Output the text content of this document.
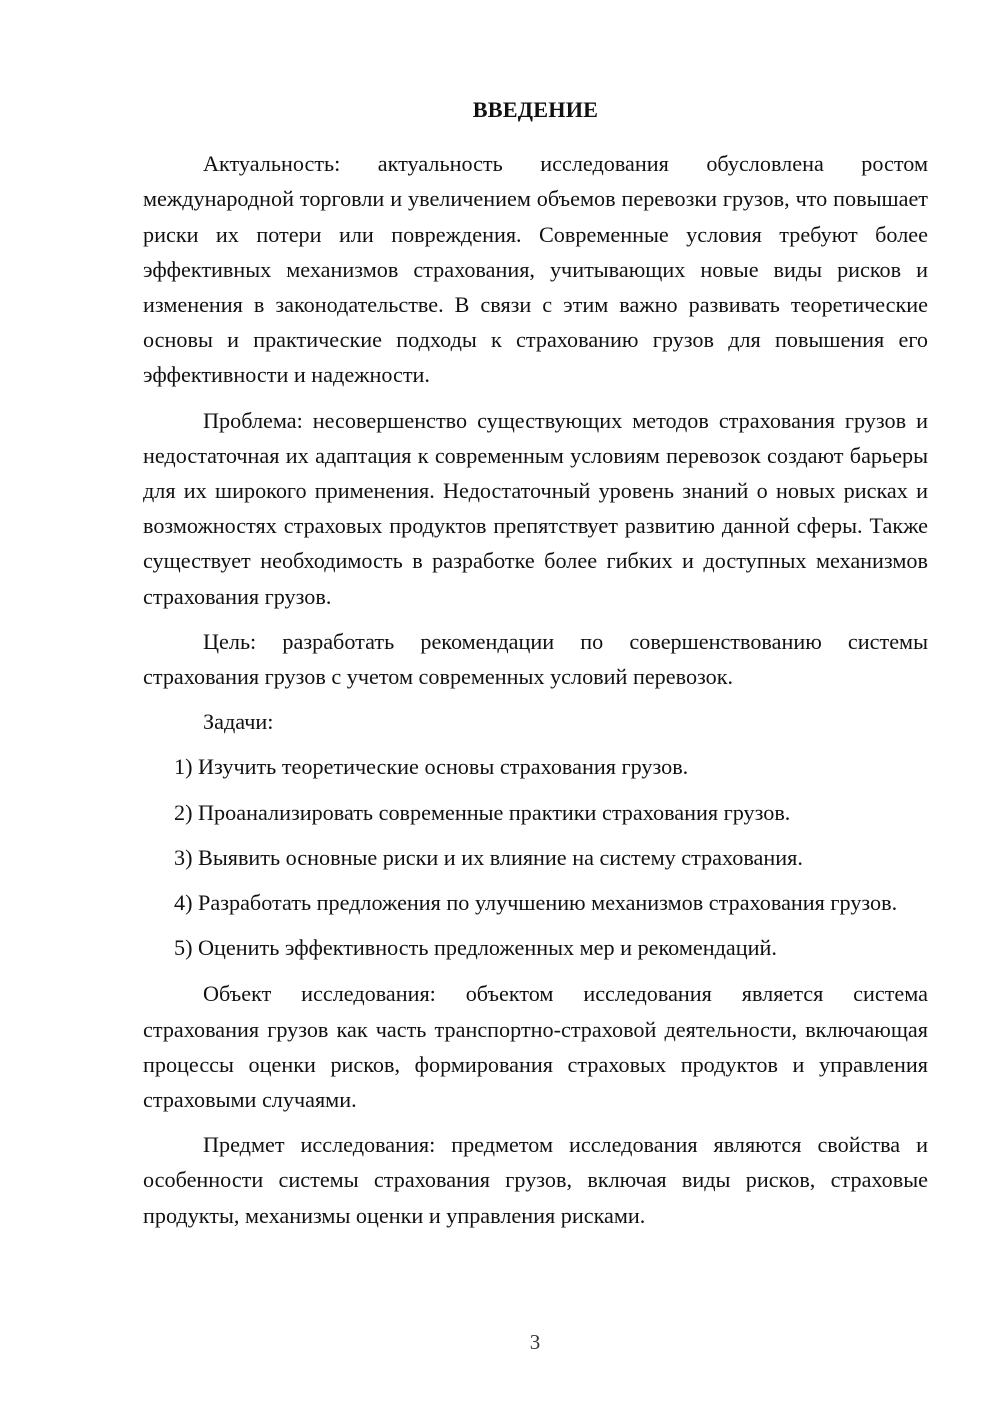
ВВЕДЕНИЕ

Актуальность: актуальность исследования обусловлена ростом международной торговли и увеличением объемов перевозки грузов, что повышает риски их потери или повреждения. Современные условия требуют более эффективных механизмов страхования, учитывающих новые виды рисков и изменения в законодательстве. В связи с этим важно развивать теоретические основы и практические подходы к страхованию грузов для повышения его эффективности и надежности.

Проблема: несовершенство существующих методов страхования грузов и недостаточная их адаптация к современным условиям перевозок создают барьеры для их широкого применения. Недостаточный уровень знаний о новых рисках и возможностях страховых продуктов препятствует развитию данной сферы. Также существует необходимость в разработке более гибких и доступных механизмов страхования грузов.

Цель: разработать рекомендации по совершенствованию системы страхования грузов с учетом современных условий перевозок.

Задачи:

1) Изучить теоретические основы страхования грузов.

2) Проанализировать современные практики страхования грузов.

3) Выявить основные риски и их влияние на систему страхования.

4) Разработать предложения по улучшению механизмов страхования грузов.

5) Оценить эффективность предложенных мер и рекомендаций.

Объект исследования: объектом исследования является система страхования грузов как часть транспортно-страховой деятельности, включающая процессы оценки рисков, формирования страховых продуктов и управления страховыми случаями.

Предмет исследования: предметом исследования являются свойства и особенности системы страхования грузов, включая виды рисков, страховые продукты, механизмы оценки и управления рисками.

3
